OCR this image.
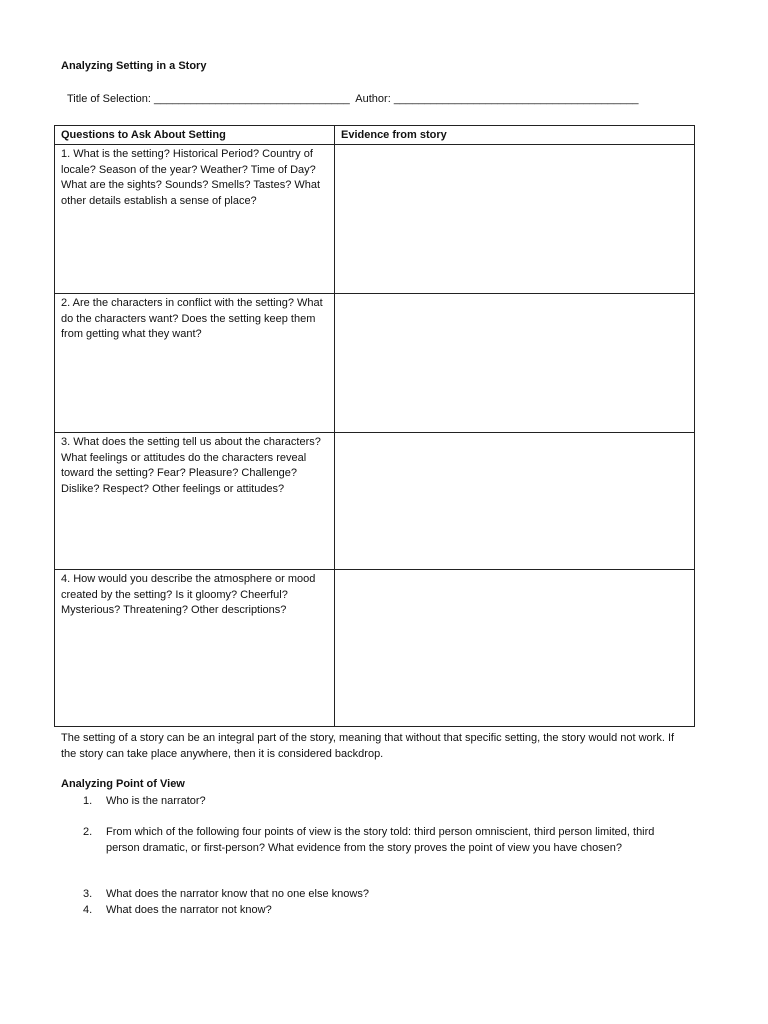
Analyzing Setting in a Story
Title of Selection: ________________________________  Author: ________________________________________
Questions to Ask About Setting	Evidence from story
1. What is the setting? Historical Period? Country of locale? Season of the year? Weather? Time of Day? What are the sights? Sounds? Smells? Tastes? What other details establish a sense of place?	
2. Are the characters in conflict with the setting? What do the characters want? Does the setting keep them from getting what they want?	
3. What does the setting tell us about the characters? What feelings or attitudes do the characters reveal toward the setting? Fear? Pleasure? Challenge? Dislike? Respect? Other feelings or attitudes?	
4. How would you describe the atmosphere or mood created by the setting? Is it gloomy? Cheerful? Mysterious? Threatening? Other descriptions?	
The setting of a story can be an integral part of the story, meaning that without that specific setting, the story would not work. If the story can take place anywhere, then it is considered backdrop.
Analyzing Point of View
1. Who is the narrator?
2. From which of the following four points of view is the story told: third person omniscient, third person limited, third person dramatic, or first-person? What evidence from the story proves the point of view you have chosen?
3. What does the narrator know that no one else knows?
4. What does the narrator not know?
